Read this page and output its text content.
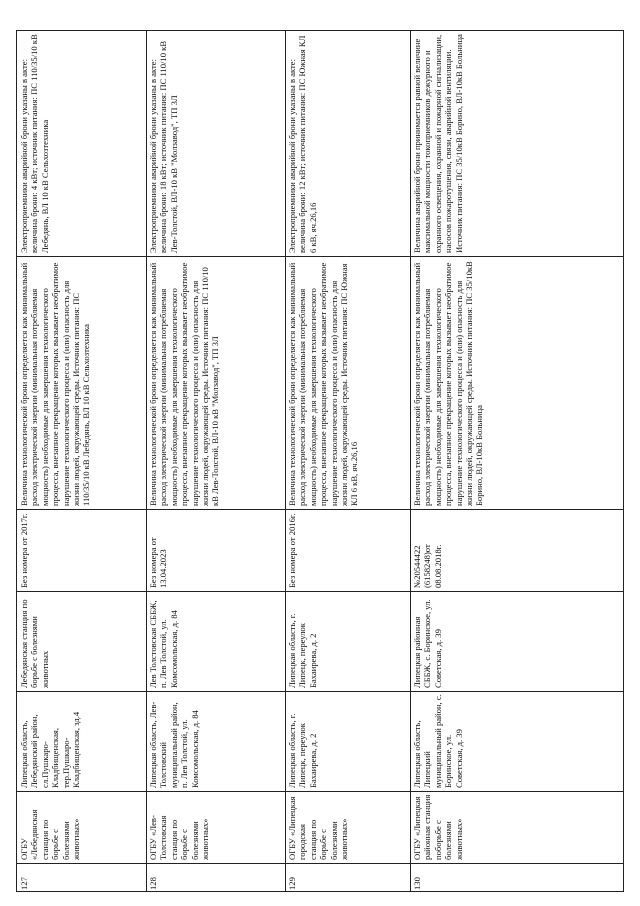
Электроприемники аварийной брони указаны в акте: величина брони: 4 кВт; источник питания: ПС 110/35/10 кВ Лебедянь, ВЛ 10 кВ Сельхозтехника
Величина технологической брони определяется как минимальный расход электрической энергии (минимальная потребляемая мощность) необходимые для завершения технологического процесса, внезапное прекращение которых вызывает необратимое нарушение технологического процесса и (или) опасность для жизни людей, окружающей среды. Источник питания: ПС 110/35/10 кВ Лебедянь, ВЛ 10 кВ Сельхозтехника
Без номера от 2017г.
Лебедянская станция по борьбе с болезнями животных
Липецкая область, Лебедянский район, сл.Пушкаро-Кладбищенская, тер.Пушкаро-Кладбищенская, зд.4
ОГБУ «Лебедянская станция по борьбе с болезнями животных»
127
Электроприемники аварийной брони указаны в акте: величина брони: 18 кВт; источник питания: ПС 110/10 кВ Лев-Толстой, ВЛ-10 кВ "Молзавод", ТП 3Л
Величина технологической брони определяется как минимальный расход электрической энергии (минимальная потребляемая мощность) необходимые для завершения технологического процесса, внезапное прекращение которых вызывает необратимое нарушение технологического процесса и (или) опасность для жизни людей, окружающей среды. Источник питания: ПС 110/10 кВ Лев-Толстой, ВЛ-10 кВ "Молзавод", ТП 3Л
Без номера от 13.04.2023
Лев Толстовская СББЖ, п. Лев Толстой, ул. Комсомольская, д. 84
Липецкая область, Лев-Толстовский муниципальный район, п. Лев Толстой, ул. Комсомольская, д. 84
ОГБУ «Лев-Толстовская станция по борьбе с болезнями животных»
128
Электроприемники аварийной брони указаны в акте: величина брони: 12 кВт; источник питания: ПС Южная КЛ 6 кВ, яч.26,16
Величина технологической брони определяется как минимальный расход электрической энергии (минимальная потребляемая мощность) необходимые для завершения технологического процесса, внезапное прекращение которых вызывает необратимое нарушение технологического процесса и (или) опасность для жизни людей, окружающей среды. Источник питания: ПС Южная КЛ 6 кВ, яч.26,16
Без номера от 2016г.
Липецкая область, г. Липецк, переулок Бахаирева, д. 2
Липецкая область, г. Липецк, переулок Бахаирева, д. 2
ОГБУ «Липецкая городская станция по борьбе с болезнями животных»
129
Величина аварийной брони принимается равной величине максимальной мощности токоприемников дежурного и охранного освещения, охранной и пожарной сигнализации, насосов пожаротушения, связи, аварийной вентиляции. Источник питания: ПС 35/10кВ Борино, ВЛ-10кВ Больница
Величина технологической брони определяется как минимальный расход электрической энергии (минимальная потребляемая мощность) необходимые для завершения технологического процесса, внезапное прекращение которых вызывает необратимое нарушение технологического процесса и (или) опасность для жизни людей, окружающей среды. Источник питания: ПС 35/10кВ Борино, ВЛ-10кВ Больница
№20544422 (6158248)от 08.08.2018г.
Липецкая районная СББЖ, с. Боринское, ул. Советская, д. 39
Липецкая область, Липецкий муниципальный район, с. Боринское, ул. Советская, д. 39
ОГБУ «Липецкая районная станция поборьбе с болезнями животных»
130
